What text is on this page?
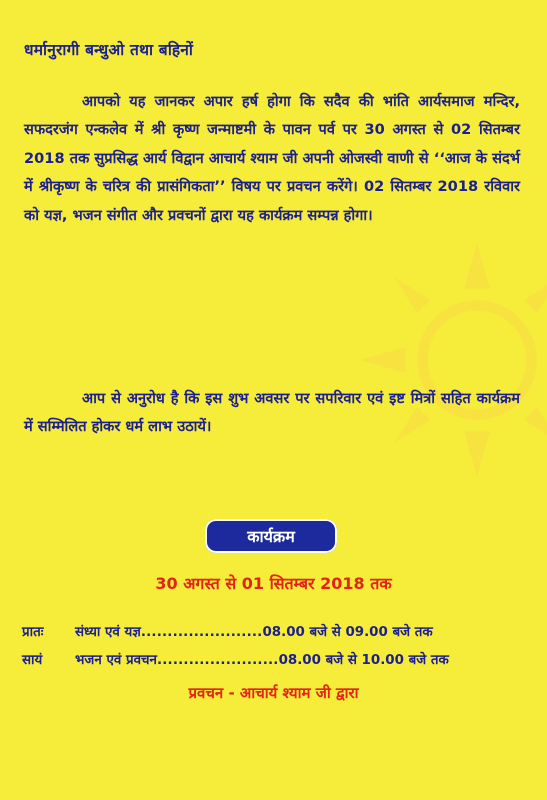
धर्मानुरागी बन्धुओ तथा बहिनों
आपको यह जानकर अपार हर्ष होगा कि सदैव की भांति आर्यसमाज मन्दिर, सफदरजंग एन्कलेव में श्री कृष्ण जन्माष्टमी के पावन पर्व पर 30 अगस्त से 02 सितम्बर 2018 तक सुप्रसिद्ध आर्य विद्वान आचार्य श्याम जी अपनी ओजस्वी वाणी से ‘‘आज के संदर्भ में श्रीकृष्ण के चरित्र की प्रासंगिकता’’ विषय पर प्रवचन करेंगे। 02 सितम्बर 2018 रविवार को यज्ञ, भजन संगीत और प्रवचनों द्वारा यह कार्यक्रम सम्पन्न होगा।
आप से अनुरोध है कि इस शुभ अवसर पर सपरिवार एवं इष्ट मित्रों सहित कार्यक्रम में सम्मिलित होकर धर्म लाभ उठायें।
कार्यक्रम
30 अगस्त से 01 सितम्बर 2018 तक
प्रातः संध्या एवं यज्ञ.......................08.00 बजे से 09.00 बजे तक
सायं भजन एवं प्रवचन.......................08.00 बजे से 10.00 बजे तक
प्रवचन - आचार्य श्याम जी द्वारा
